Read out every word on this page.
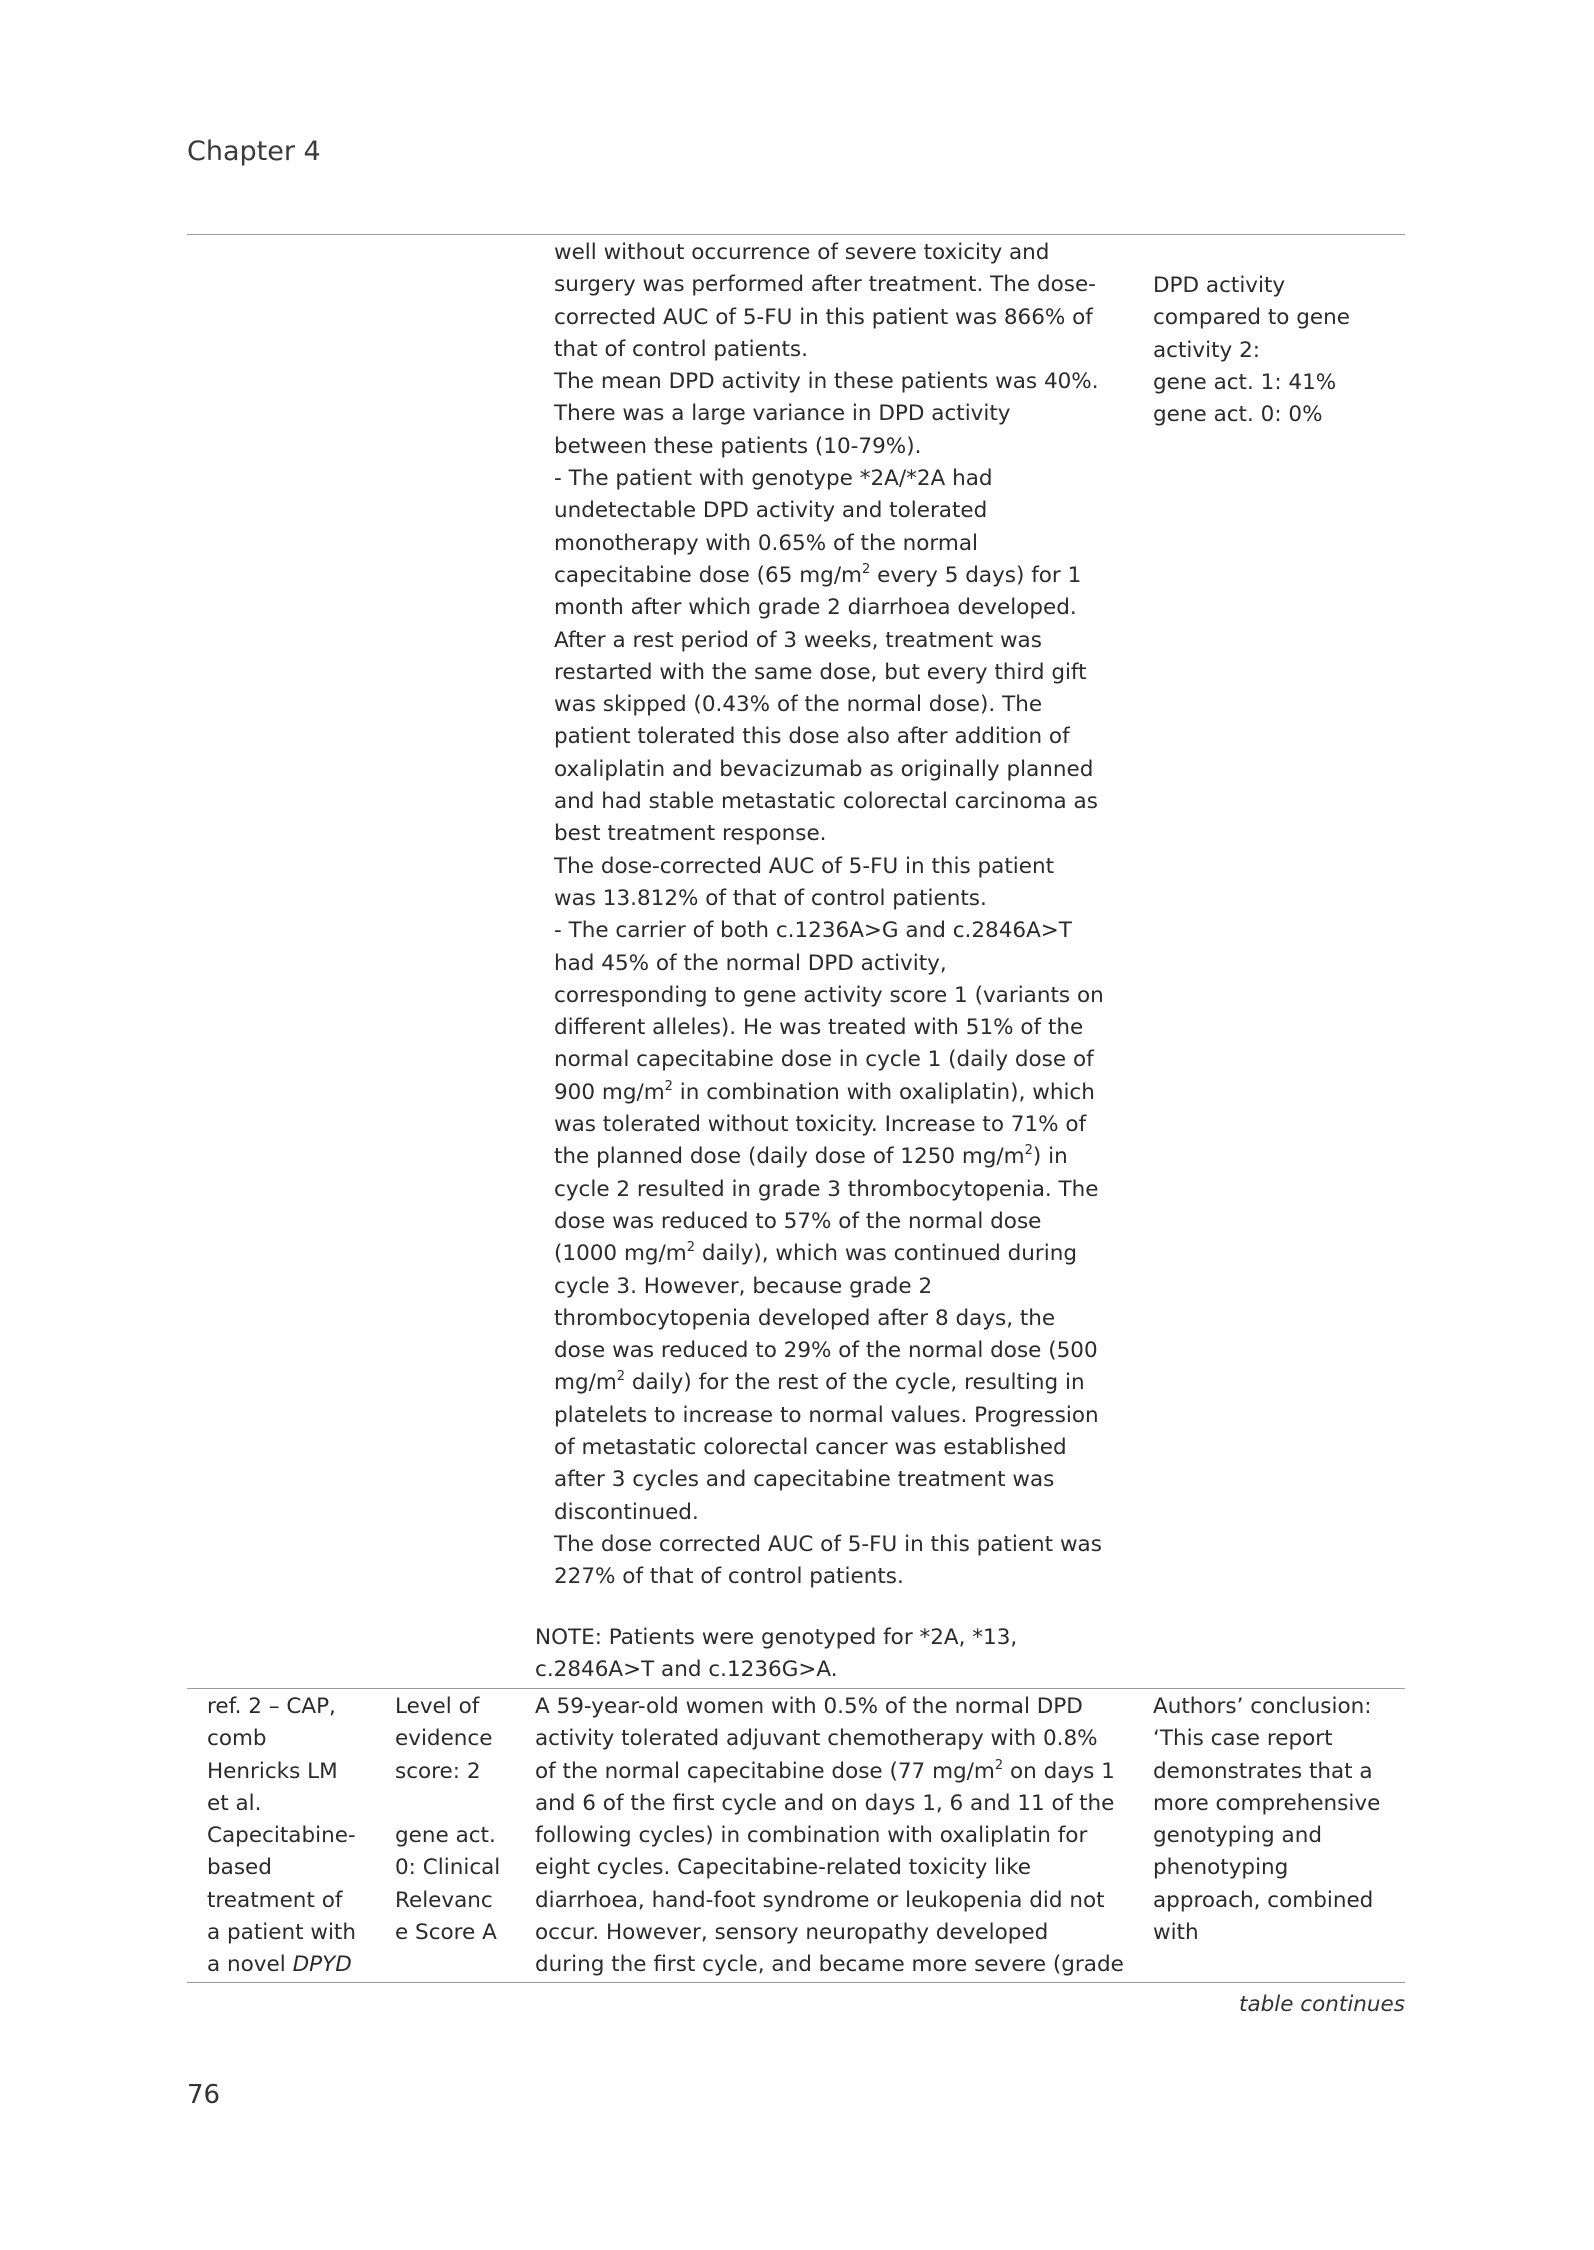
Chapter 4
well without occurrence of severe toxicity and
surgery was performed after treatment. The dose-
corrected AUC of 5-FU in this patient was 866% of
that of control patients.
The mean DPD activity in these patients was 40%.
There was a large variance in DPD activity
between these patients (10-79%).
- The patient with genotype *2A/*2A had
undetectable DPD activity and tolerated
monotherapy with 0.65% of the normal
capecitabine dose (65 $mg/m^2$ every 5 days) for 1
month after which grade 2 diarrhoea developed.
After a rest period of 3 weeks, treatment was
restarted with the same dose, but every third gift
was skipped (0.43% of the normal dose). The
patient tolerated this dose also after addition of
oxaliplatin and bevacizumab as originally planned
and had stable metastatic colorectal carcinoma as
best treatment response.
The dose-corrected AUC of 5-FU in this patient
was 13.812% of that of control patients.
- The carrier of both c.1236A>G and c.2846A>T
had 45% of the normal DPD activity,
corresponding to gene activity score 1 (variants on
different alleles). He was treated with 51% of the
normal capecitabine dose in cycle 1 (daily dose of
900 $mg/m^2$ in combination with oxaliplatin), which
was tolerated without toxicity. Increase to 71% of
the planned dose (daily dose of 1250 $mg/m^2$) in
cycle 2 resulted in grade 3 thrombocytopenia. The
dose was reduced to 57% of the normal dose
(1000 $mg/m^2$ daily), which was continued during
cycle 3. However, because grade 2
thrombocytopenia developed after 8 days, the
dose was reduced to 29% of the normal dose (500
$mg/m^2$ daily) for the rest of the cycle, resulting in
platelets to increase to normal values. Progression
of metastatic colorectal cancer was established
after 3 cycles and capecitabine treatment was
discontinued.
The dose corrected AUC of 5-FU in this patient was
227% of that of control patients.
NOTE: Patients were genotyped for *2A, *13,
c.2846A>T and c.1236G>A.
DPD activity
compared to gene
activity 2:
gene act. 1: 41%
gene act. 0: 0%
ref. 2 – CAP,
comb
Henricks LM
et al.
Capecitabine-
based
treatment of
a patient with
a novel DPYD
Level of
evidence
score: 2
gene act.
0: Clinical
Relevanc
e Score A
A 59-year-old women with 0.5% of the normal DPD
activity tolerated adjuvant chemotherapy with 0.8%
of the normal capecitabine dose (77 $mg/m^2$ on days 1
and 6 of the first cycle and on days 1, 6 and 11 of the
following cycles) in combination with oxaliplatin for
eight cycles. Capecitabine-related toxicity like
diarrhoea, hand-foot syndrome or leukopenia did not
occur. However, sensory neuropathy developed
during the first cycle, and became more severe (grade
Authors’ conclusion:
‘This case report
demonstrates that a
more comprehensive
genotyping and
phenotyping
approach, combined
with
table continues
76
